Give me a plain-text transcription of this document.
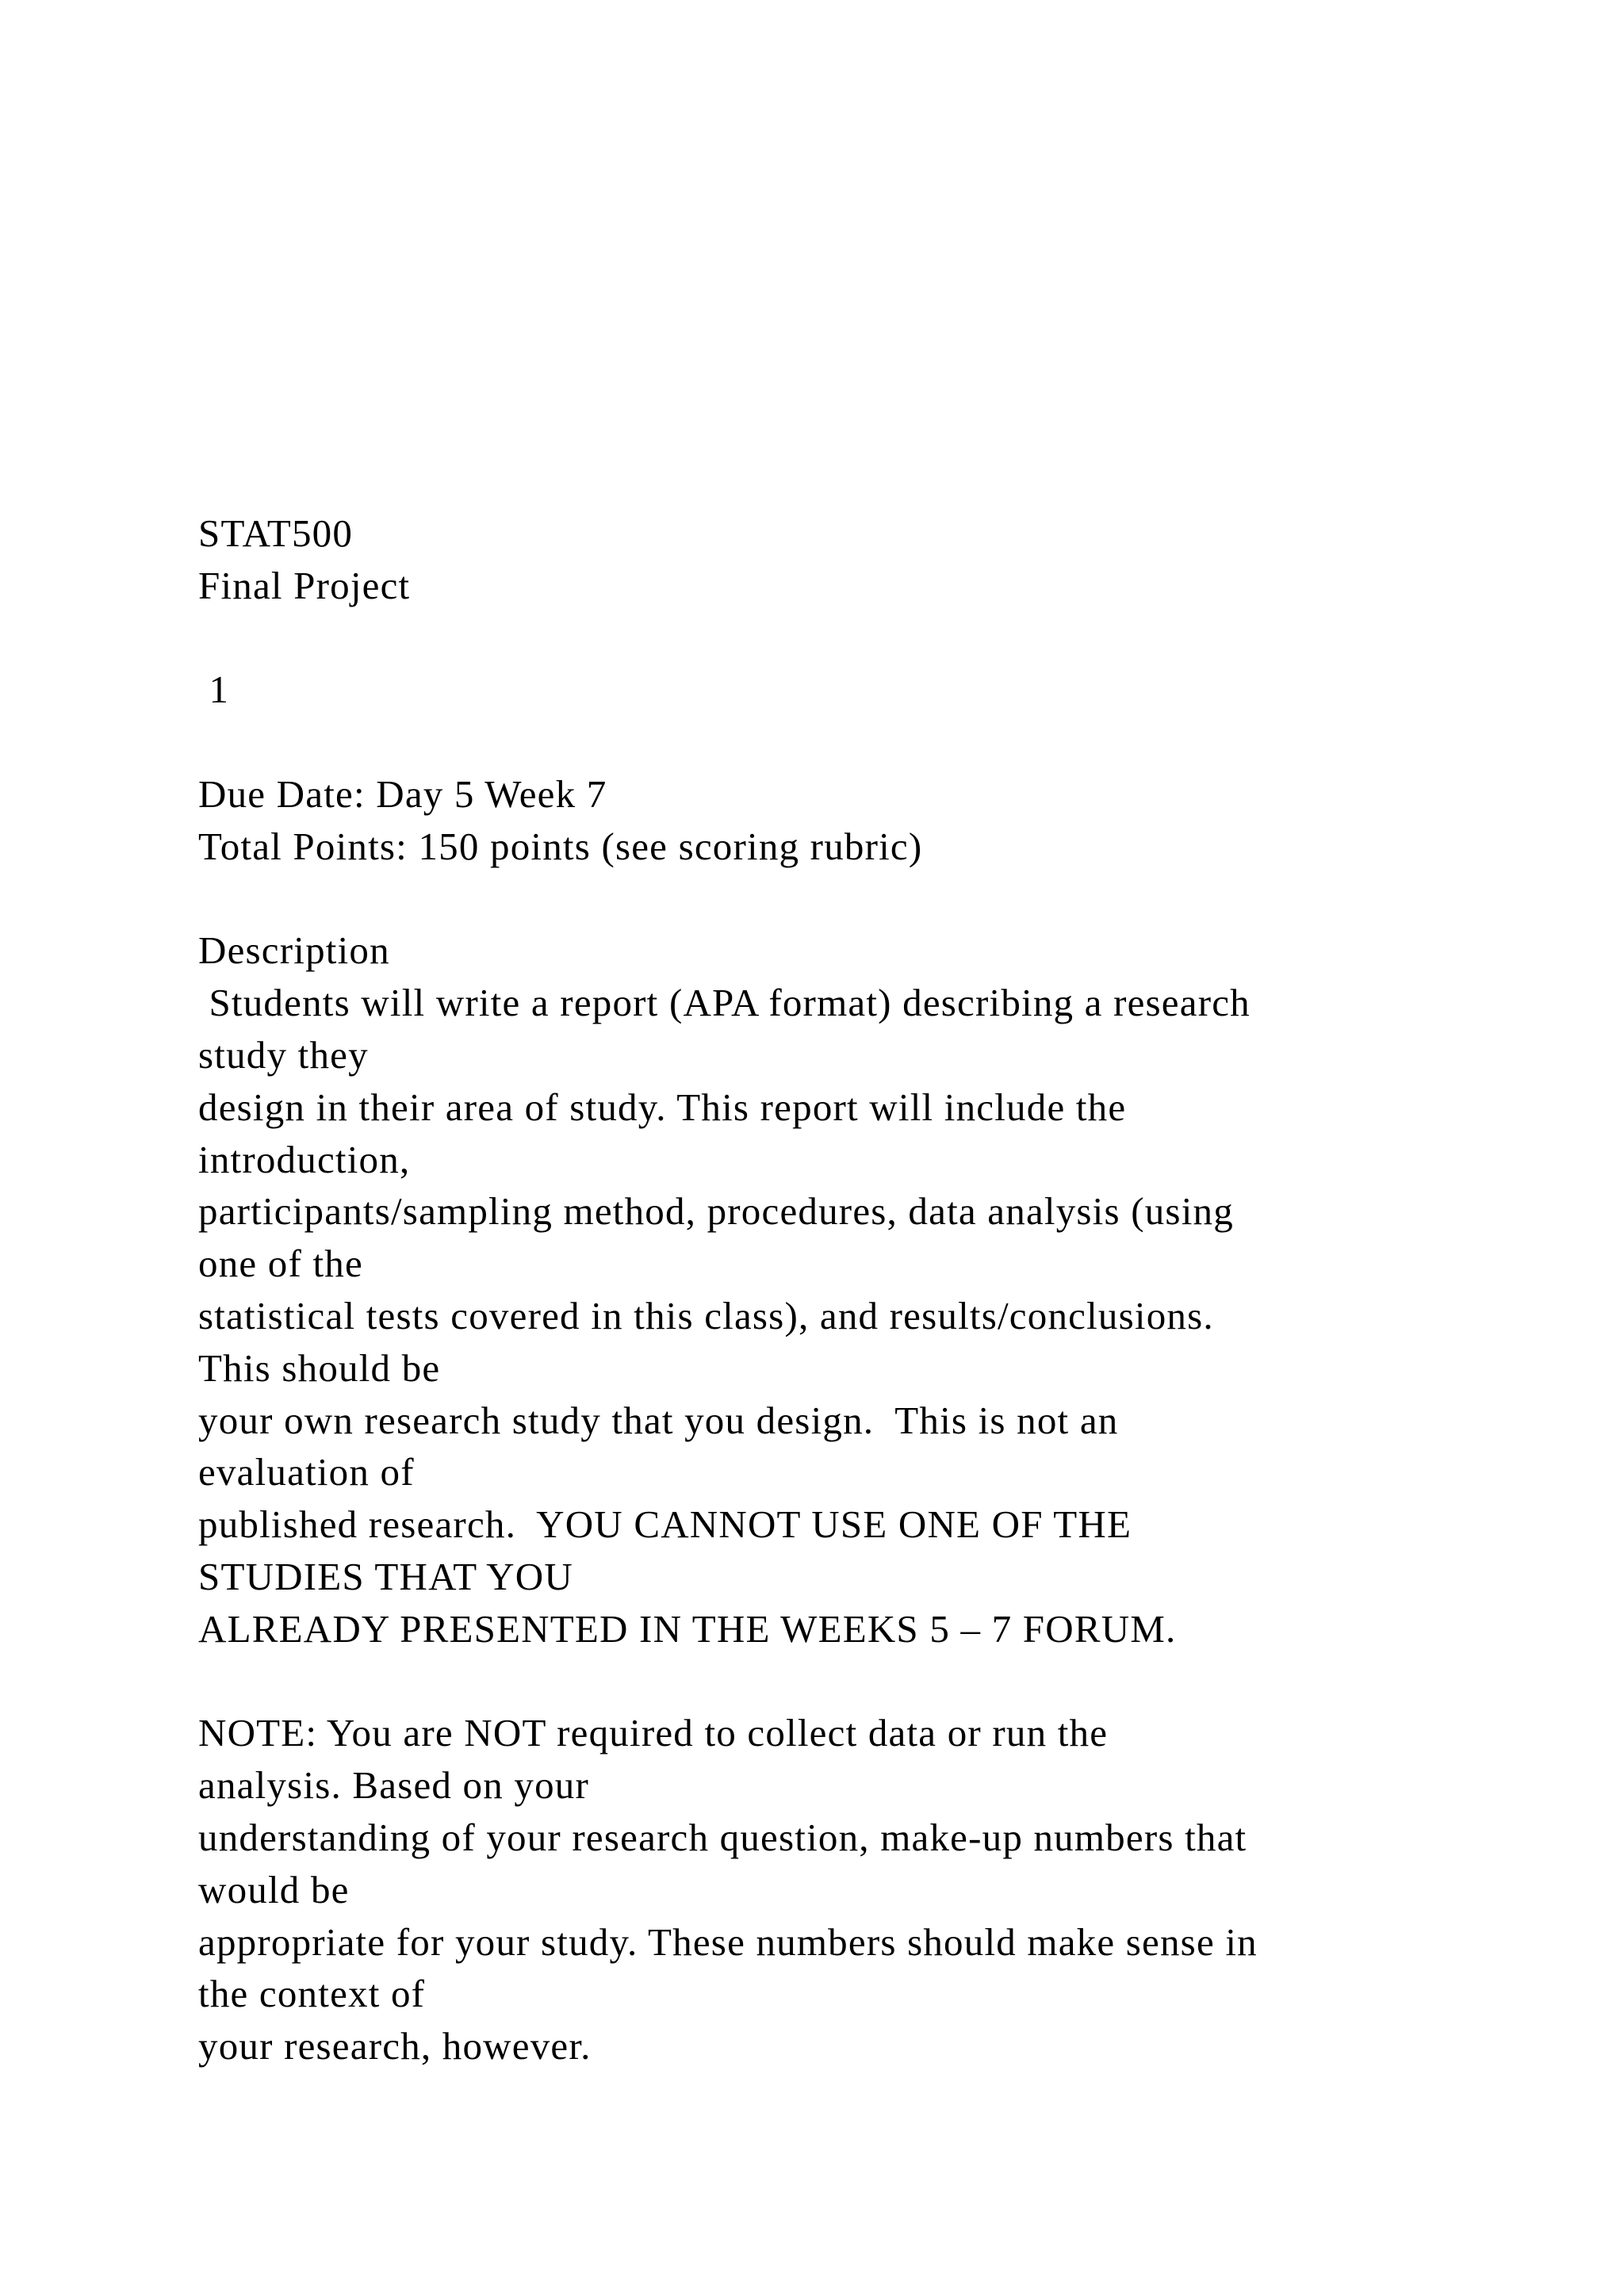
STAT500
Final Project
1
Due Date: Day 5 Week 7
Total Points: 150 points (see scoring rubric)
Description
Students will write a report (APA format) describing a research
study they
design in their area of study. This report will include the
introduction,
participants/sampling method, procedures, data analysis (using
one of the
statistical tests covered in this class), and results/conclusions.
This should be
your own research study that you design.  This is not an
evaluation of
published research.  YOU CANNOT USE ONE OF THE
STUDIES THAT YOU
ALREADY PRESENTED IN THE WEEKS 5 – 7 FORUM.
NOTE: You are NOT required to collect data or run the
analysis. Based on your
understanding of your research question, make-up numbers that
would be
appropriate for your study. These numbers should make sense in
the context of
your research, however.
